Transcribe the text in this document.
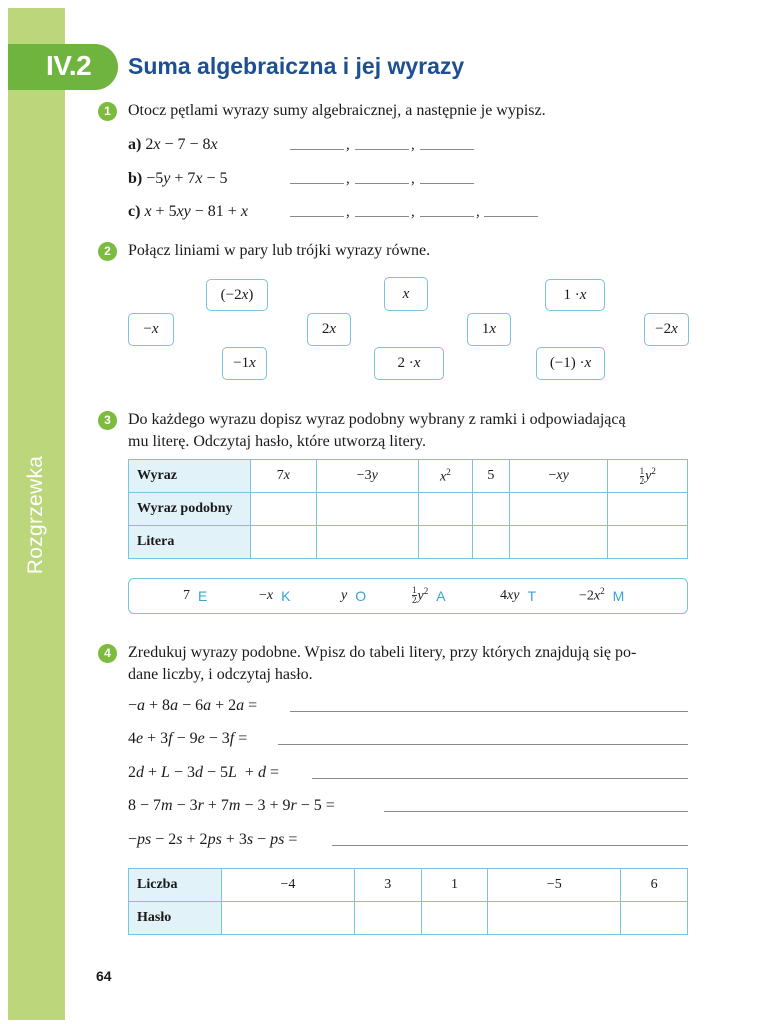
Rozgrzewka
IV.2 Suma algebraiczna i jej wyrazy
1	Otocz pętlami wyrazy sumy algebraicznej, a następnie je wypisz.
a) 2x − 7 − 8x	,	,
b) −5y + 7x − 5	,	,
c) x + 5xy − 81 + x	,	,	,
2	Połącz liniami w pary lub trójki wyrazy równe.
(−2 x )	x	1 · x
− x	2 x	1 x	−2 x
−1 x	2 · x	(−1) · x
3	Do każdego wyrazu dopisz wyraz podobny wybrany z ramki i odpowiadającą
mu literę. Odczytaj hasło, które utworzą litery.
Wyraz	7x	−3y	$x^2$	5	−xy	$\frac{1}{2} y^2$
Wyraz podobny						
Litera						
7 E	−x K	y O	$\frac{1}{2} y^2$ A	4xy T	$-2x^2$ M
4	Zredukuj wyrazy podobne. Wpisz do tabeli litery, przy których znajdują się po-
dane liczby, i odczytaj hasło.
−a + 8a − 6a + 2a =
4e + 3f − 9e − 3f =
2d + L − 3d − 5L  + d =
8 − 7m − 3r + 7m − 3 + 9r − 5 =
−ps − 2s + 2ps + 3s − ps =
Liczba	−4	3	1	−5	6
Hasło					
64
